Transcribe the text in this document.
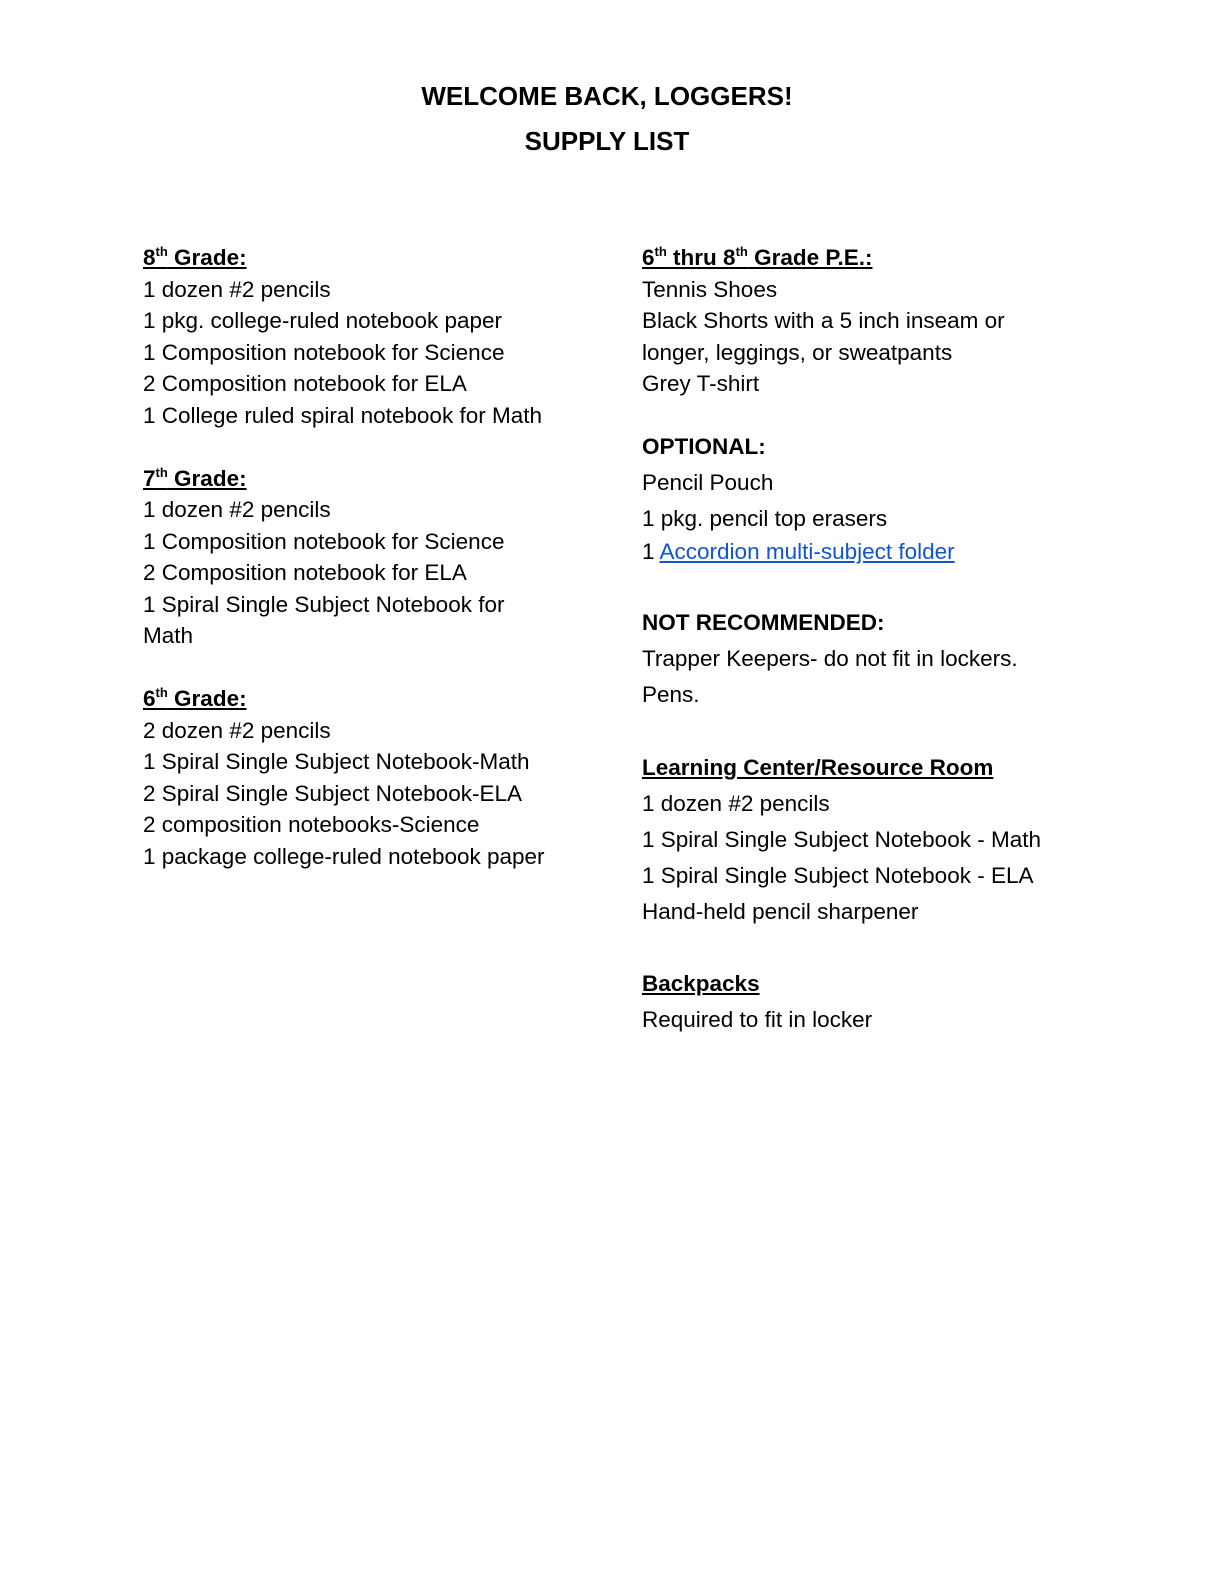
WELCOME BACK, LOGGERS!
SUPPLY LIST
8th Grade:
1 dozen #2 pencils
1 pkg. college-ruled notebook paper
1 Composition notebook for Science
2 Composition notebook for ELA
1 College ruled spiral notebook for Math
7th Grade:
1 dozen #2 pencils
1 Composition notebook for Science
2 Composition notebook for ELA
1 Spiral Single Subject Notebook for Math
6th Grade:
2 dozen #2 pencils
1 Spiral Single Subject Notebook-Math
2 Spiral Single Subject Notebook-ELA
2 composition notebooks-Science
1 package college-ruled notebook paper
6th thru 8th Grade P.E.:
Tennis Shoes
Black Shorts with a 5 inch inseam or longer, leggings, or sweatpants
Grey T-shirt
OPTIONAL:
Pencil Pouch
1 pkg. pencil top erasers
1 Accordion multi-subject folder
NOT RECOMMENDED:
Trapper Keepers- do not fit in lockers.
Pens.
Learning Center/Resource Room
1 dozen #2 pencils
1 Spiral Single Subject Notebook - Math
1 Spiral Single Subject Notebook - ELA
Hand-held pencil sharpener
Backpacks
Required to fit in locker
